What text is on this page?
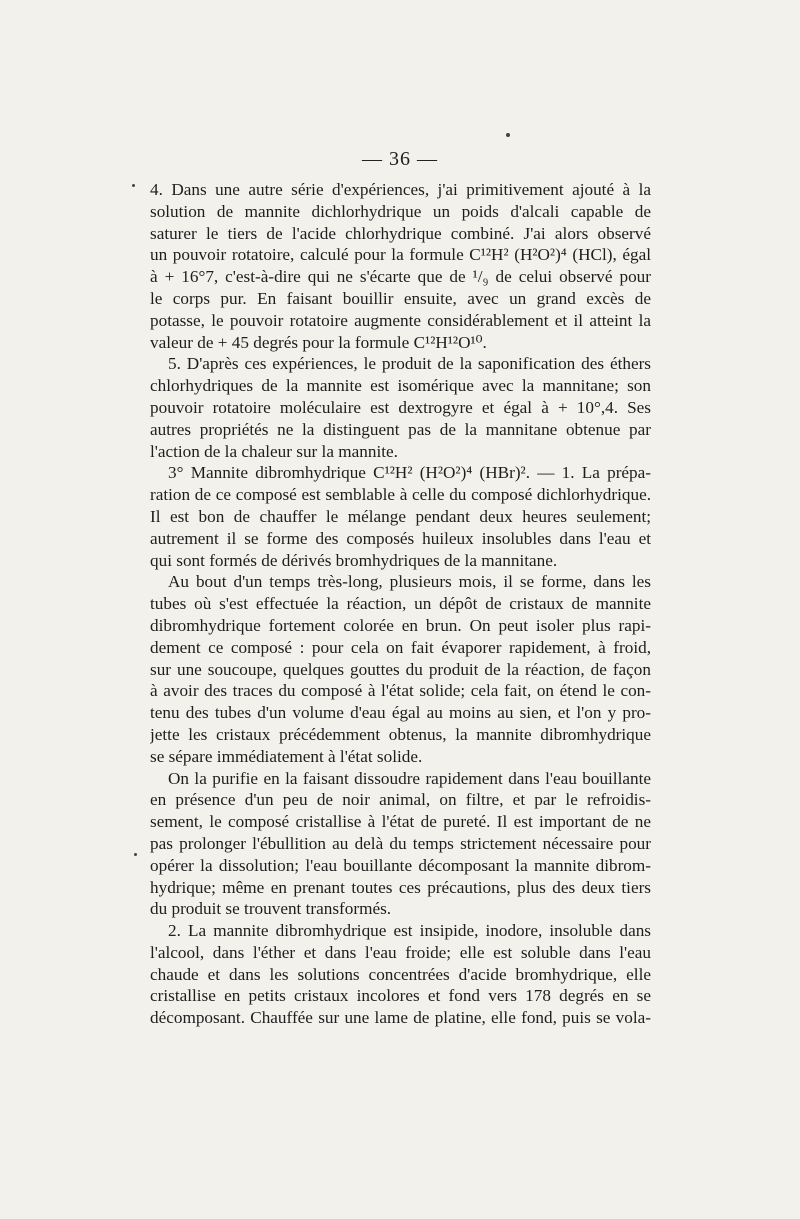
— 36 —
4. Dans une autre série d'expériences, j'ai primitivement ajouté à la
solution de mannite dichlorhydrique un poids d'alcali capable de
saturer le tiers de l'acide chlorhydrique combiné. J'ai alors observé
un pouvoir rotatoire, calculé pour la formule C¹²H² (H²O²)⁴ (HCl), égal
à + 16°7, c'est-à-dire qui ne s'écarte que de ¹/₉ de celui observé pour
le corps pur. En faisant bouillir ensuite, avec un grand excès de
potasse, le pouvoir rotatoire augmente considérablement et il atteint la
valeur de + 45 degrés pour la formule C¹²H¹²O¹⁰.
5. D'après ces expériences, le produit de la saponification des éthers
chlorhydriques de la mannite est isomérique avec la mannitane; son
pouvoir rotatoire moléculaire est dextrogyre et égal à + 10°,4. Ses
autres propriétés ne la distinguent pas de la mannitane obtenue par
l'action de la chaleur sur la mannite.
3° Mannite dibromhydrique C¹²H² (H²O²)⁴ (HBr)². — 1. La prépa-
ration de ce composé est semblable à celle du composé dichlorhydrique.
Il est bon de chauffer le mélange pendant deux heures seulement;
autrement il se forme des composés huileux insolubles dans l'eau et
qui sont formés de dérivés bromhydriques de la mannitane.
Au bout d'un temps très-long, plusieurs mois, il se forme, dans les
tubes où s'est effectuée la réaction, un dépôt de cristaux de mannite
dibromhydrique fortement colorée en brun. On peut isoler plus rapi-
dement ce composé : pour cela on fait évaporer rapidement, à froid,
sur une soucoupe, quelques gouttes du produit de la réaction, de façon
à avoir des traces du composé à l'état solide; cela fait, on étend le con-
tenu des tubes d'un volume d'eau égal au moins au sien, et l'on y pro-
jette les cristaux précédemment obtenus, la mannite dibromhydrique
se sépare immédiatement à l'état solide.
On la purifie en la faisant dissoudre rapidement dans l'eau bouillante
en présence d'un peu de noir animal, on filtre, et par le refroidis-
sement, le composé cristallise à l'état de pureté. Il est important de ne
pas prolonger l'ébullition au delà du temps strictement nécessaire pour
opérer la dissolution; l'eau bouillante décomposant la mannite dibrom-
hydrique; même en prenant toutes ces précautions, plus des deux tiers
du produit se trouvent transformés.
2. La mannite dibromhydrique est insipide, inodore, insoluble dans
l'alcool, dans l'éther et dans l'eau froide; elle est soluble dans l'eau
chaude et dans les solutions concentrées d'acide bromhydrique, elle
cristallise en petits cristaux incolores et fond vers 178 degrés en se
décomposant. Chauffée sur une lame de platine, elle fond, puis se vola-
